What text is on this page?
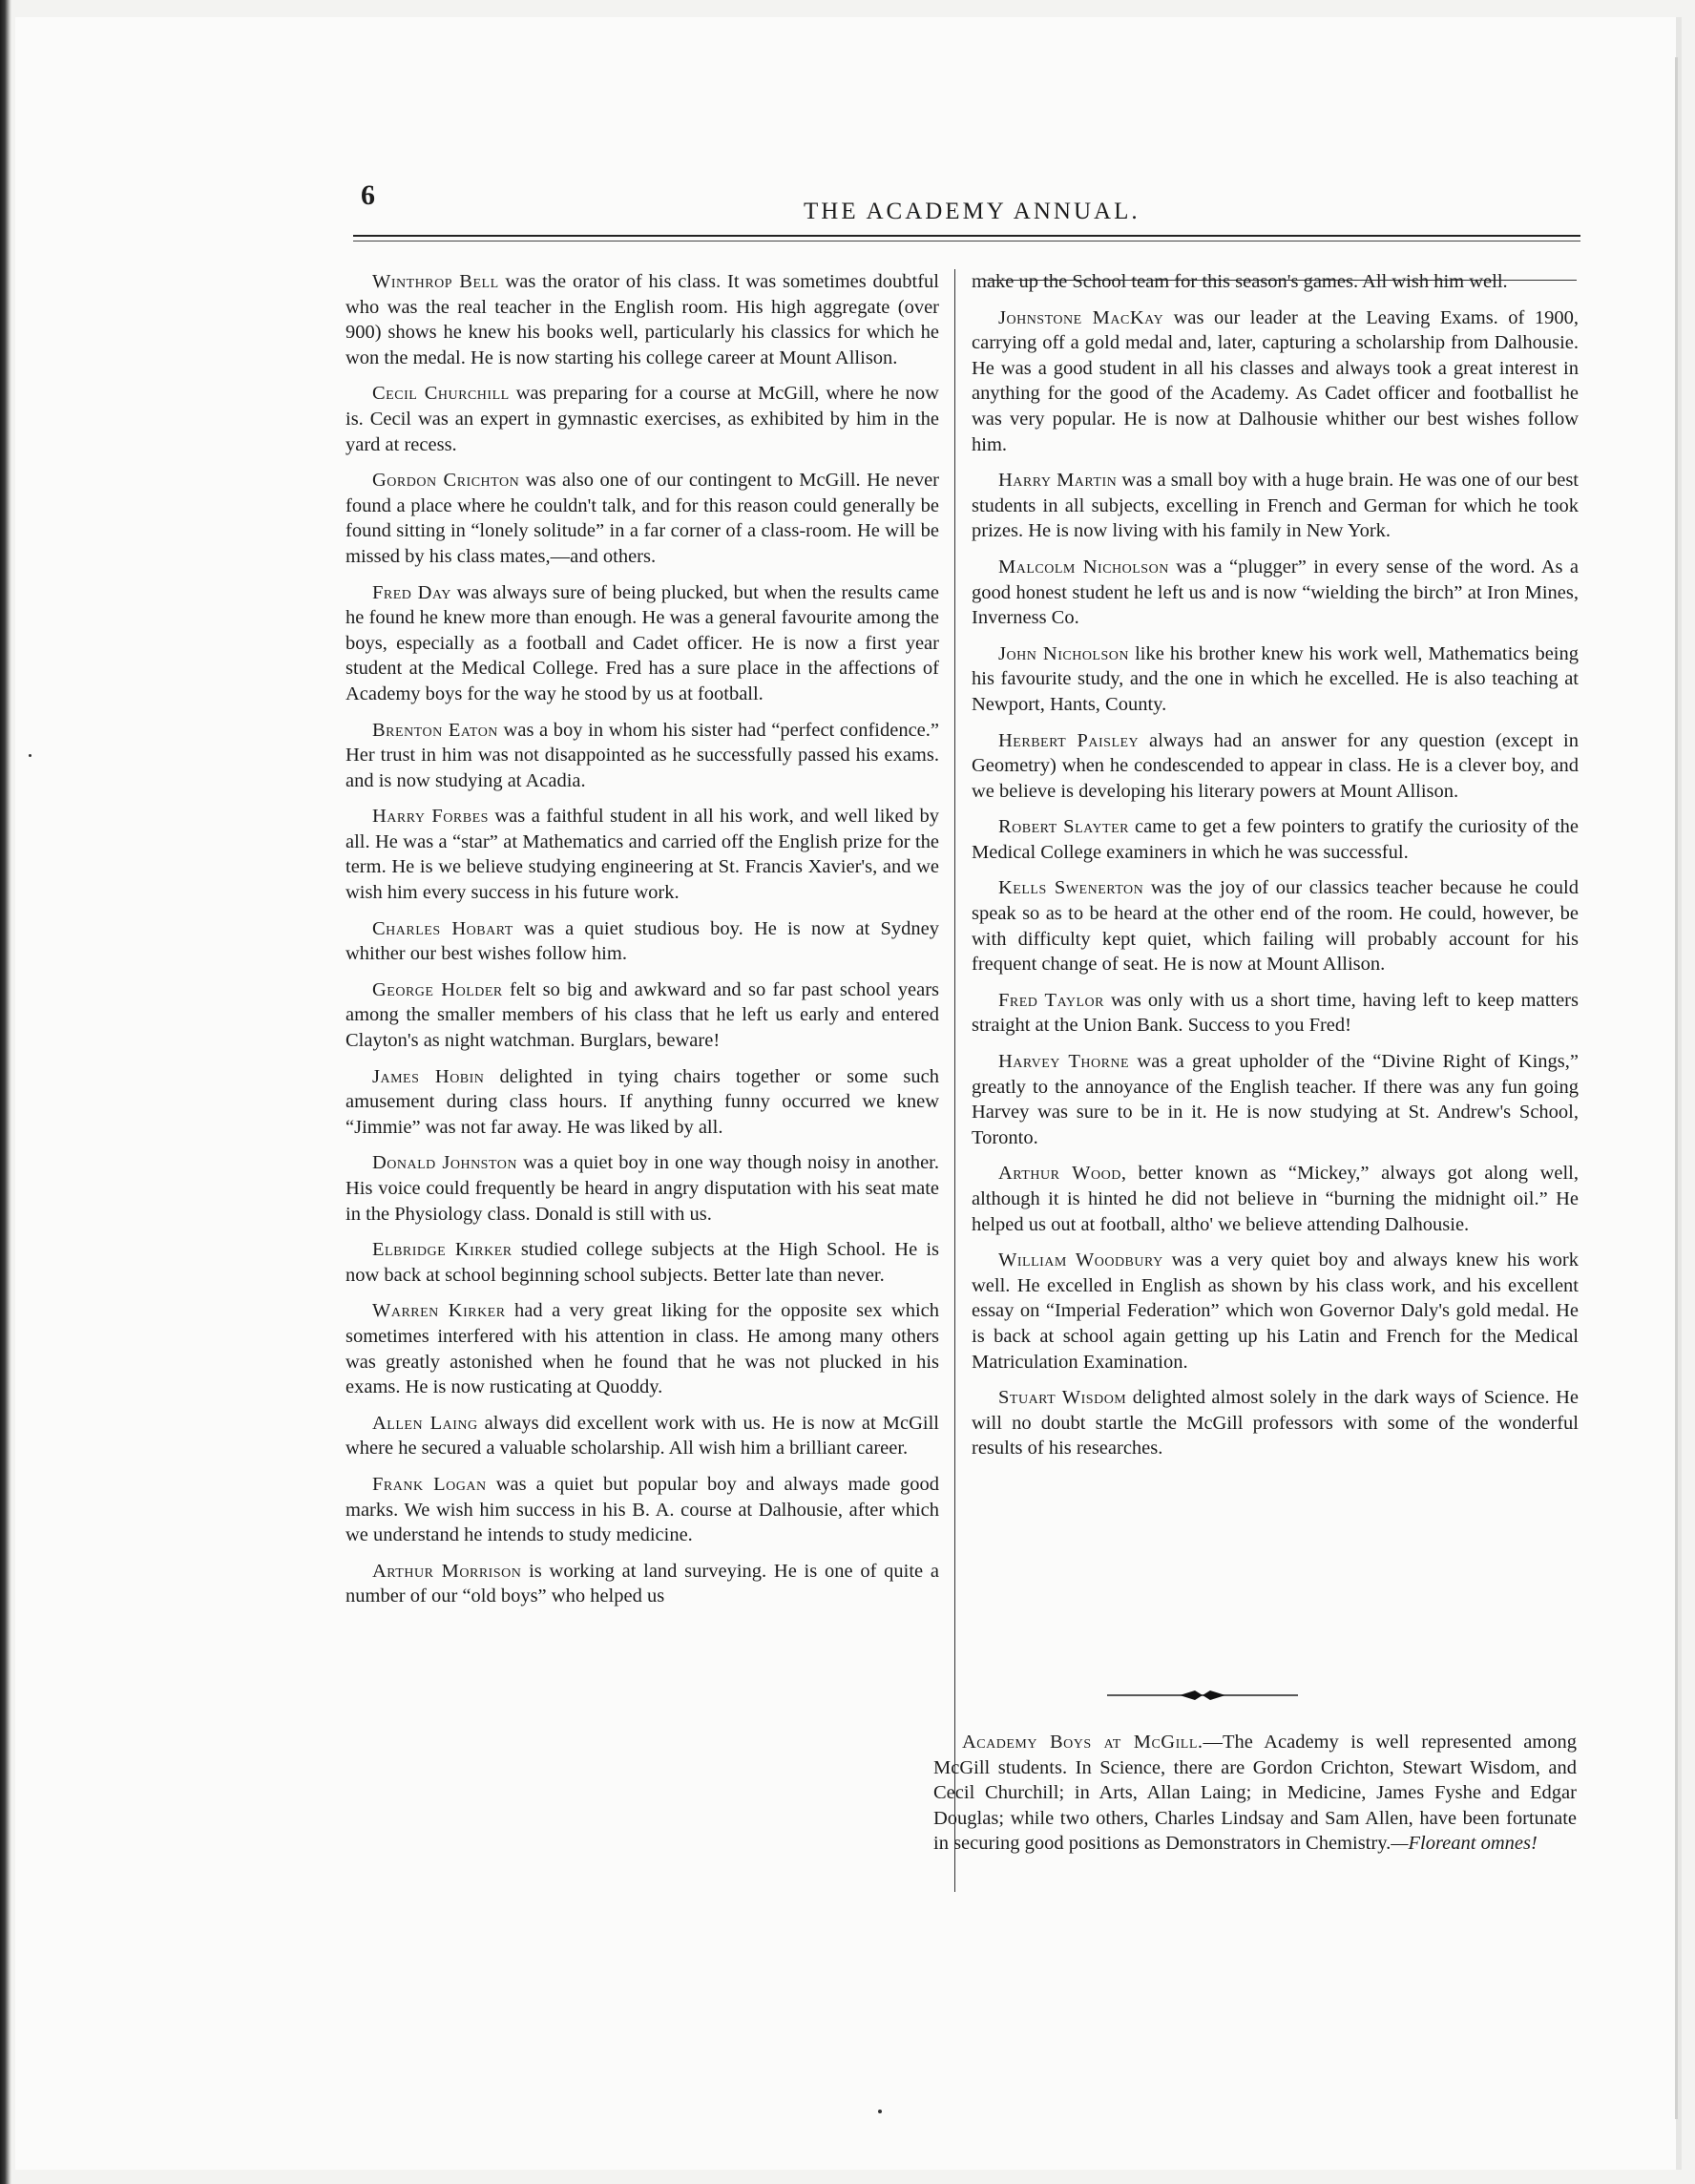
6
THE ACADEMY ANNUAL.

Winthrop Bell was the orator of his class. It was sometimes doubtful who was the real teacher in the English room. His high aggregate (over 900) shows he knew his books well, particularly his classics for which he won the medal. He is now starting his college career at Mount Allison.

Cecil Churchill was preparing for a course at McGill, where he now is. Cecil was an expert in gymnastic exercises, as exhibited by him in the yard at recess.

Gordon Crichton was also one of our contingent to McGill. He never found a place where he couldn't talk, and for this reason could generally be found sitting in “lonely solitude” in a far corner of a class-room. He will be missed by his class mates,—and others.

Fred Day was always sure of being plucked, but when the results came he found he knew more than enough. He was a general favourite among the boys, especially as a football and Cadet officer. He is now a first year student at the Medical College. Fred has a sure place in the affections of Academy boys for the way he stood by us at football.

Brenton Eaton was a boy in whom his sister had “perfect confidence.” Her trust in him was not disappointed as he successfully passed his exams. and is now studying at Acadia.

Harry Forbes was a faithful student in all his work, and well liked by all. He was a “star” at Mathematics and carried off the English prize for the term. He is we believe studying engineering at St. Francis Xavier's, and we wish him every success in his future work.

Charles Hobart was a quiet studious boy. He is now at Sydney whither our best wishes follow him.

George Holder felt so big and awkward and so far past school years among the smaller members of his class that he left us early and entered Clayton's as night watchman. Burglars, beware!

James Hobin delighted in tying chairs together or some such amusement during class hours. If anything funny occurred we knew “Jimmie” was not far away. He was liked by all.

Donald Johnston was a quiet boy in one way though noisy in another. His voice could frequently be heard in angry disputation with his seat mate in the Physiology class. Donald is still with us.

Elbridge Kirker studied college subjects at the High School. He is now back at school beginning school subjects. Better late than never.

Warren Kirker had a very great liking for the opposite sex which sometimes interfered with his attention in class. He among many others was greatly astonished when he found that he was not plucked in his exams. He is now rusticating at Quoddy.

Allen Laing always did excellent work with us. He is now at McGill where he secured a valuable scholarship. All wish him a brilliant career.

Frank Logan was a quiet but popular boy and always made good marks. We wish him success in his B. A. course at Dalhousie, after which we understand he intends to study medicine.

Arthur Morrison is working at land surveying. He is one of quite a number of our “old boys” who helped us

make up the School team for this season's games. All wish him well.

Johnstone MacKay was our leader at the Leaving Exams. of 1900, carrying off a gold medal and, later, capturing a scholarship from Dalhousie. He was a good student in all his classes and always took a great interest in anything for the good of the Academy. As Cadet officer and footballist he was very popular. He is now at Dalhousie whither our best wishes follow him.

Harry Martin was a small boy with a huge brain. He was one of our best students in all subjects, excelling in French and German for which he took prizes. He is now living with his family in New York.

Malcolm Nicholson was a “plugger” in every sense of the word. As a good honest student he left us and is now “wielding the birch” at Iron Mines, Inverness Co.

John Nicholson like his brother knew his work well, Mathematics being his favourite study, and the one in which he excelled. He is also teaching at Newport, Hants, County.

Herbert Paisley always had an answer for any question (except in Geometry) when he condescended to appear in class. He is a clever boy, and we believe is developing his literary powers at Mount Allison.

Robert Slayter came to get a few pointers to gratify the curiosity of the Medical College examiners in which he was successful.

Kells Swenerton was the joy of our classics teacher because he could speak so as to be heard at the other end of the room. He could, however, be with difficulty kept quiet, which failing will probably account for his frequent change of seat. He is now at Mount Allison.

Fred Taylor was only with us a short time, having left to keep matters straight at the Union Bank. Success to you Fred!

Harvey Thorne was a great upholder of the “Divine Right of Kings,” greatly to the annoyance of the English teacher. If there was any fun going Harvey was sure to be in it. He is now studying at St. Andrew's School, Toronto.

Arthur Wood, better known as “Mickey,” always got along well, although it is hinted he did not believe in “burning the midnight oil.” He helped us out at football, altho' we believe attending Dalhousie.

William Woodbury was a very quiet boy and always knew his work well. He excelled in English as shown by his class work, and his excellent essay on “Imperial Federation” which won Governor Daly's gold medal. He is back at school again getting up his Latin and French for the Medical Matriculation Examination.

Stuart Wisdom delighted almost solely in the dark ways of Science. He will no doubt startle the McGill professors with some of the wonderful results of his researches.

Academy Boys at McGill.—The Academy is well represented among McGill students. In Science, there are Gordon Crichton, Stewart Wisdom, and Cecil Churchill; in Arts, Allan Laing; in Medicine, James Fyshe and Edgar Douglas; while two others, Charles Lindsay and Sam Allen, have been fortunate in securing good positions as Demonstrators in Chemistry.—Floreant omnes!
